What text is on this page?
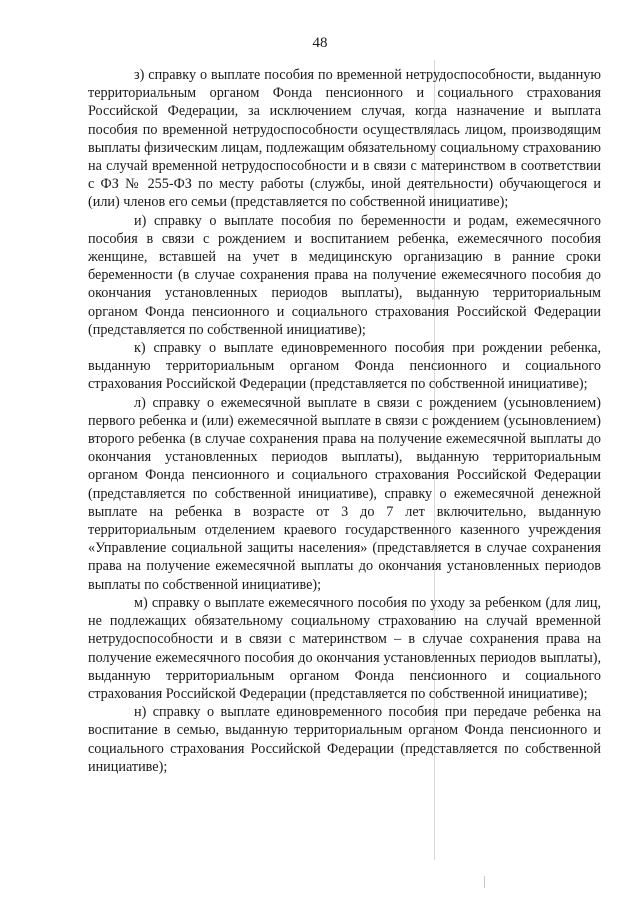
48

з) справку о выплате пособия по временной нетрудоспособности, выданную территориальным органом Фонда пенсионного и социального страхования Российской Федерации, за исключением случая, когда назначение и выплата пособия по временной нетрудоспособности осуществлялась лицом, производящим выплаты физическим лицам, подлежащим обязательному социальному страхованию на случай временной нетрудоспособности и в связи с материнством в соответствии с ФЗ № 255-ФЗ по месту работы (службы, иной деятельности) обучающегося и (или) членов его семьи (представляется по собственной инициативе);

и) справку о выплате пособия по беременности и родам, ежемесячного пособия в связи с рождением и воспитанием ребенка, ежемесячного пособия женщине, вставшей на учет в медицинскую организацию в ранние сроки беременности (в случае сохранения права на получение ежемесячного пособия до окончания установленных периодов выплаты), выданную территориальным органом Фонда пенсионного и социального страхования Российской Федерации (представляется по собственной инициативе);

к) справку о выплате единовременного пособия при рождении ребенка, выданную территориальным органом Фонда пенсионного и социального страхования Российской Федерации (представляется по собственной инициативе);

л) справку о ежемесячной выплате в связи с рождением (усыновлением) первого ребенка и (или) ежемесячной выплате в связи с рождением (усыновлением) второго ребенка (в случае сохранения права на получение ежемесячной выплаты до окончания установленных периодов выплаты), выданную территориальным органом Фонда пенсионного и социального страхования Российской Федерации (представляется по собственной инициативе), справку о ежемесячной денежной выплате на ребенка в возрасте от 3 до 7 лет включительно, выданную территориальным отделением краевого государственного казенного учреждения «Управление социальной защиты населения» (представляется в случае сохранения права на получение ежемесячной выплаты до окончания установленных периодов выплаты по собственной инициативе);

м) справку о выплате ежемесячного пособия по уходу за ребенком (для лиц, не подлежащих обязательному социальному страхованию на случай временной нетрудоспособности и в связи с материнством – в случае сохранения права на получение ежемесячного пособия до окончания установленных периодов выплаты), выданную территориальным органом Фонда пенсионного и социального страхования Российской Федерации (представляется по собственной инициативе);

н) справку о выплате единовременного пособия при передаче ребенка на воспитание в семью, выданную территориальным органом Фонда пенсионного и социального страхования Российской Федерации (представляется по собственной инициативе);
